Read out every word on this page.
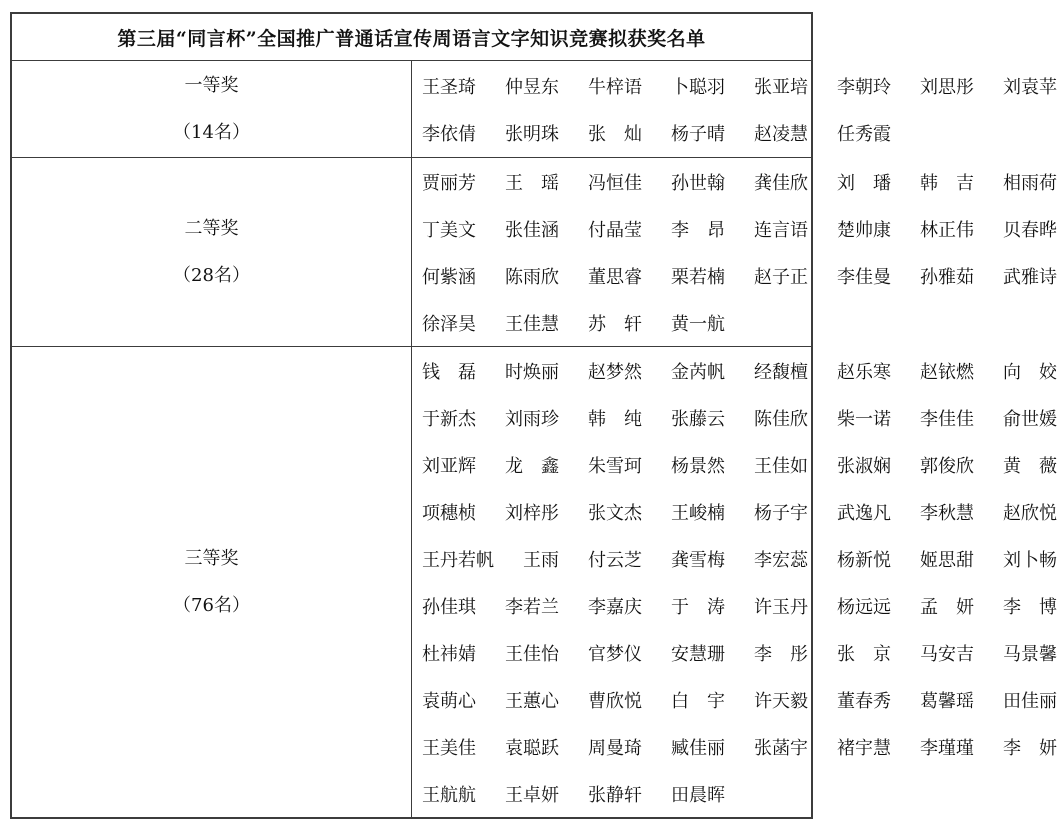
第三届“同言杯”全国推广普通话宣传周语言文字知识竞赛拟获奖名单	

一等奖
（14名）

王圣琦 仲昱东 牛梓语 卜聪羽 张亚培 李朝玲 刘思彤 刘袁苹
李依倩 张明珠 张　灿 杨子晴 赵凌慧 任秀霞

二等奖
（28名）

贾丽芳 王　瑶 冯恒佳 孙世翰 龚佳欣 刘　璠 韩　吉 相雨荷
丁美文 张佳涵 付晶莹 李　昂 连言语 楚帅康 林正伟 贝春晔
何紫涵 陈雨欣 董思睿 栗若楠 赵子正 李佳曼 孙雅茹 武雅诗
徐泽昊 王佳慧 苏　轩 黄一航

三等奖
（76名）

钱　磊 时焕丽 赵梦然 金芮帆 经馥檀 赵乐寒 赵铱燃 向　姣
于新杰 刘雨珍 韩　纯 张藤云 陈佳欣 柴一诺 李佳佳 俞世媛
刘亚辉 龙　鑫 朱雪珂 杨景然 王佳如 张淑娴 郭俊欣 黄　薇
项穗桢 刘梓彤 张文杰 王峻楠 杨子宇 武逸凡 李秋慧 赵欣悦
王丹若帆 王雨 付云芝 龚雪梅 李宏蕊 杨新悦 姬思甜 刘卜畅
孙佳琪 李若兰 李嘉庆 于　涛 许玉丹 杨远远 孟　妍 李　博
杜祎婧 王佳怡 官梦仪 安慧珊 李　彤 张　京 马安吉 马景馨
袁萌心 王蕙心 曹欣悦 白　宇 许天毅 董春秀 葛馨瑶 田佳丽
王美佳 袁聪跃 周曼琦 臧佳丽 张菡宇 褚宇慧 李瑾瑾 李　妍
王航航 王卓妍 张静轩 田晨晖
